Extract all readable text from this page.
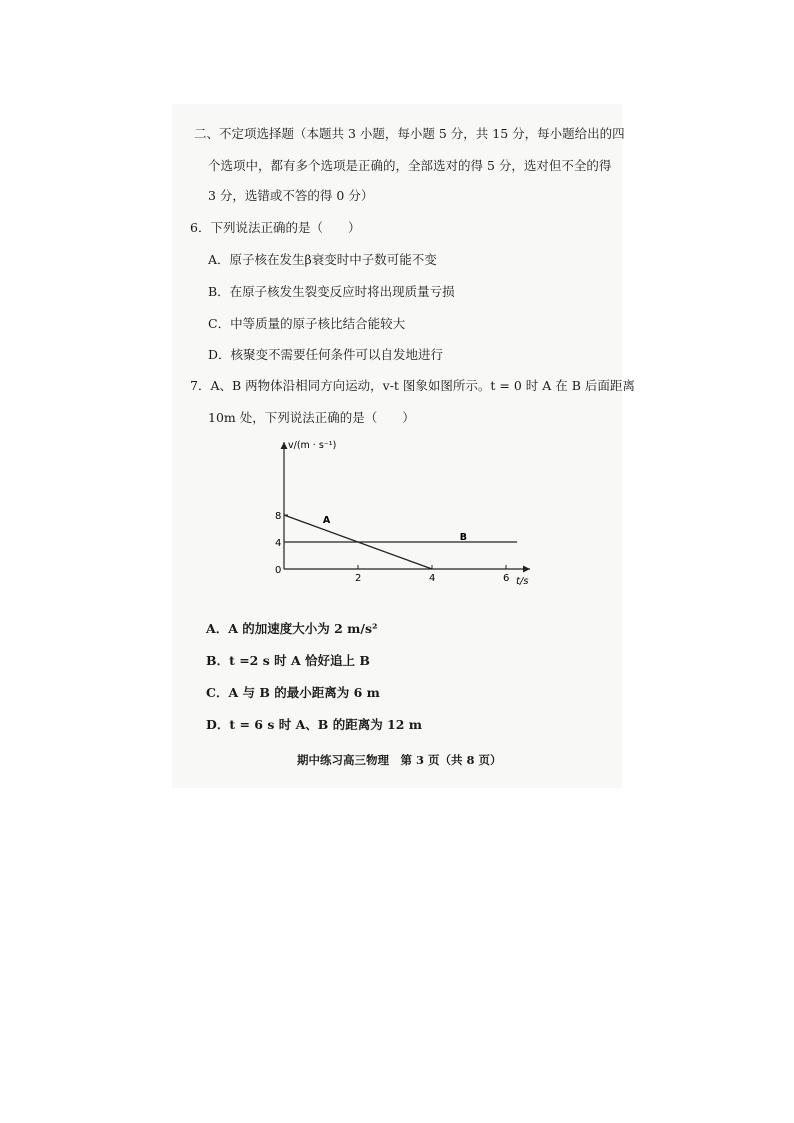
二、不定项选择题（本题共 3 小题，每小题 5 分，共 15 分，每小题给出的四
个选项中，都有多个选项是正确的，全部选对的得 5 分，选对但不全的得
3 分，选错或不答的得 0 分）
6．下列说法正确的是（　　）
A．原子核在发生β衰变时中子数可能不变
B．在原子核发生裂变反应时将出现质量亏损
C．中等质量的原子核比结合能较大
D．核聚变不需要任何条件可以自发地进行
7．A、B 两物体沿相同方向运动，v-t 图象如图所示。t = 0 时 A 在 B 后面距离
10m 处，下列说法正确的是（　　）
v/(m · s⁻¹)
t/s
0
2	4	6
4
8	A
B
A．A 的加速度大小为 2 m/s²
B．t =2 s 时 A 恰好追上 B
C．A 与 B 的最小距离为 6 m
D．t = 6 s 时 A、B 的距离为 12 m
期中练习高三物理　第 3 页（共 8 页）
